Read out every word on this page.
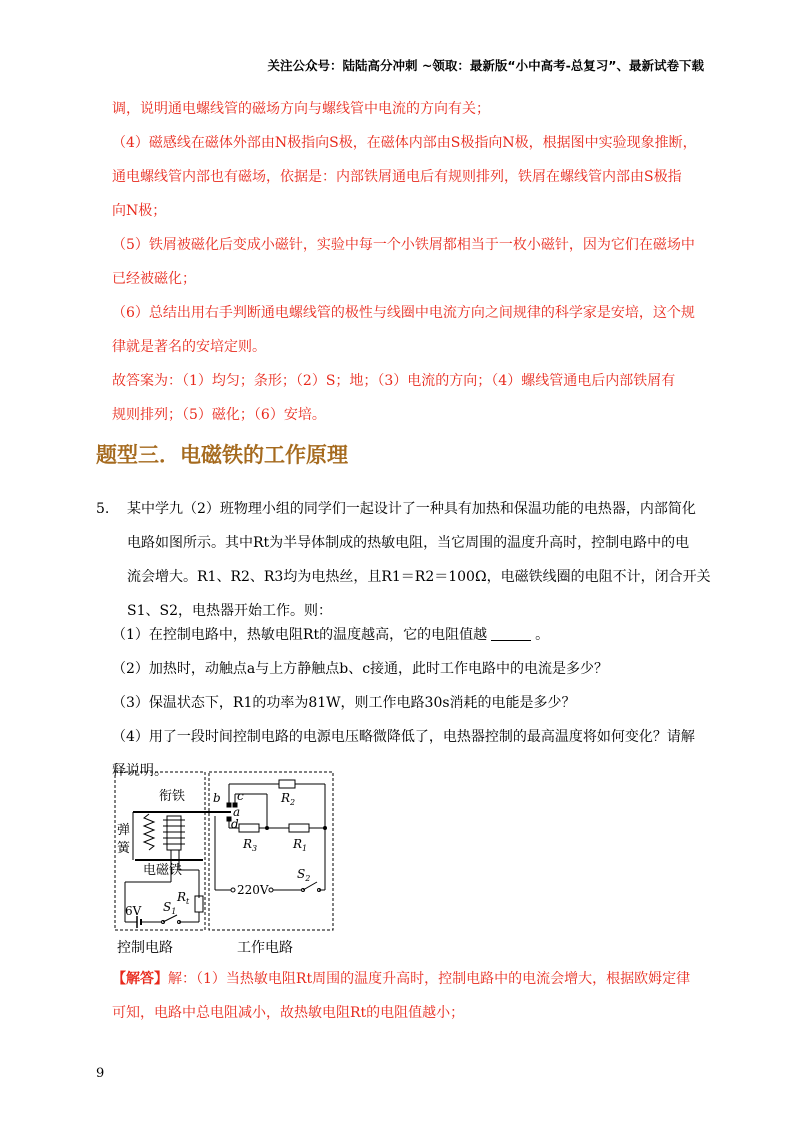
关注公众号：陆陆高分冲刺 ~领取：最新版“小中高考-总复习”、最新试卷下载
调，说明通电螺线管的磁场方向与螺线管中电流的方向有关；
（4）磁感线在磁体外部由N极指向S极，在磁体内部由S极指向N极，根据图中实验现象推断，
通电螺线管内部也有磁场，依据是：内部铁屑通电后有规则排列，铁屑在螺线管内部由S极指
向N极；
（5）铁屑被磁化后变成小磁针，实验中每一个小铁屑都相当于一枚小磁针，因为它们在磁场中
已经被磁化；
（6）总结出用右手判断通电螺线管的极性与线圈中电流方向之间规律的科学家是安培，这个规
律就是著名的安培定则。
故答案为：（1）均匀；条形；（2）S；地；（3）电流的方向；（4）螺线管通电后内部铁屑有
规则排列；（5）磁化；（6）安培。
题型三．电磁铁的工作原理
5. 某中学九（2）班物理小组的同学们一起设计了一种具有加热和保温功能的电热器，内部简化
电路如图所示。其中Rt为半导体制成的热敏电阻，当它周围的温度升高时，控制电路中的电
流会增大。R1、R2、R3均为电热丝，且R1＝R2＝100Ω，电磁铁线圈的电阻不计，闭合开关
S1、S2，电热器开始工作。则：
（1）在控制电路中，热敏电阻Rt的温度越高，它的电阻值越	。
（2）加热时，动触点a与上方静触点b、c接通，此时工作电路中的电流是多少？
（3）保温状态下，R1的功率为81W，则工作电路30s消耗的电能是多少？
（4）用了一段时间控制电路的电源电压略微降低了，电热器控制的最高温度将如何变化？请解
释说明。
衔铁
弹
簧
电磁铁
6V $S_1$
$R_t$
b c
a
d
$R_2$
$R_3$	$R_1$
220V
$S_2$
控制电路	工作电路
【解答】解：（1）当热敏电阻Rt周围的温度升高时，控制电路中的电流会增大，根据欧姆定律
可知，电路中总电阻减小，故热敏电阻Rt的电阻值越小；
9
